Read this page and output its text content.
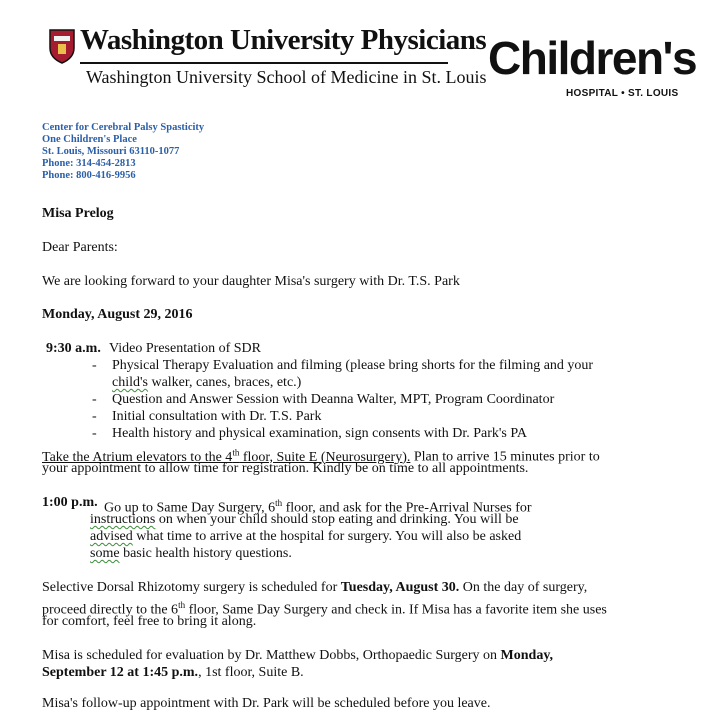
Washington University Physicians
Washington University School of Medicine in St. Louis Children's
HOSPITAL • ST. LOUIS
Center for Cerebral Palsy Spasticity
One Children's Place
St. Louis, Missouri 63110-1077
Phone: 314-454-2813
Phone: 800-416-9956
Misa Prelog
Dear Parents:
We are looking forward to your daughter Misa's surgery with Dr. T.S. Park
Monday, August 29, 2016
9:30 a.m. Video Presentation of SDR
-	Physical Therapy Evaluation and filming (please bring shorts for the filming and your
child's walker, canes, braces, etc.)
-	Question and Answer Session with Deanna Walter, MPT, Program Coordinator
-	Initial consultation with Dr. T.S. Park
-	Health history and physical examination, sign consents with Dr. Park's PA
Take the Atrium elevators to the 4th floor, Suite E (Neurosurgery). Plan to arrive 15 minutes prior to
your appointment to allow time for registration. Kindly be on time to all appointments.
1:00 p.m. Go up to Same Day Surgery, 6th floor, and ask for the Pre-Arrival Nurses for
instructions on when your child should stop eating and drinking. You will be
advised what time to arrive at the hospital for surgery. You will also be asked
some basic health history questions.
Selective Dorsal Rhizotomy surgery is scheduled for Tuesday, August 30. On the day of surgery,
proceed directly to the 6th floor, Same Day Surgery and check in. If Misa has a favorite item she uses
for comfort, feel free to bring it along.
Misa is scheduled for evaluation by Dr. Matthew Dobbs, Orthopaedic Surgery on Monday,
September 12 at 1:45 p.m., 1st floor, Suite B.
Misa's follow-up appointment with Dr. Park will be scheduled before you leave.
